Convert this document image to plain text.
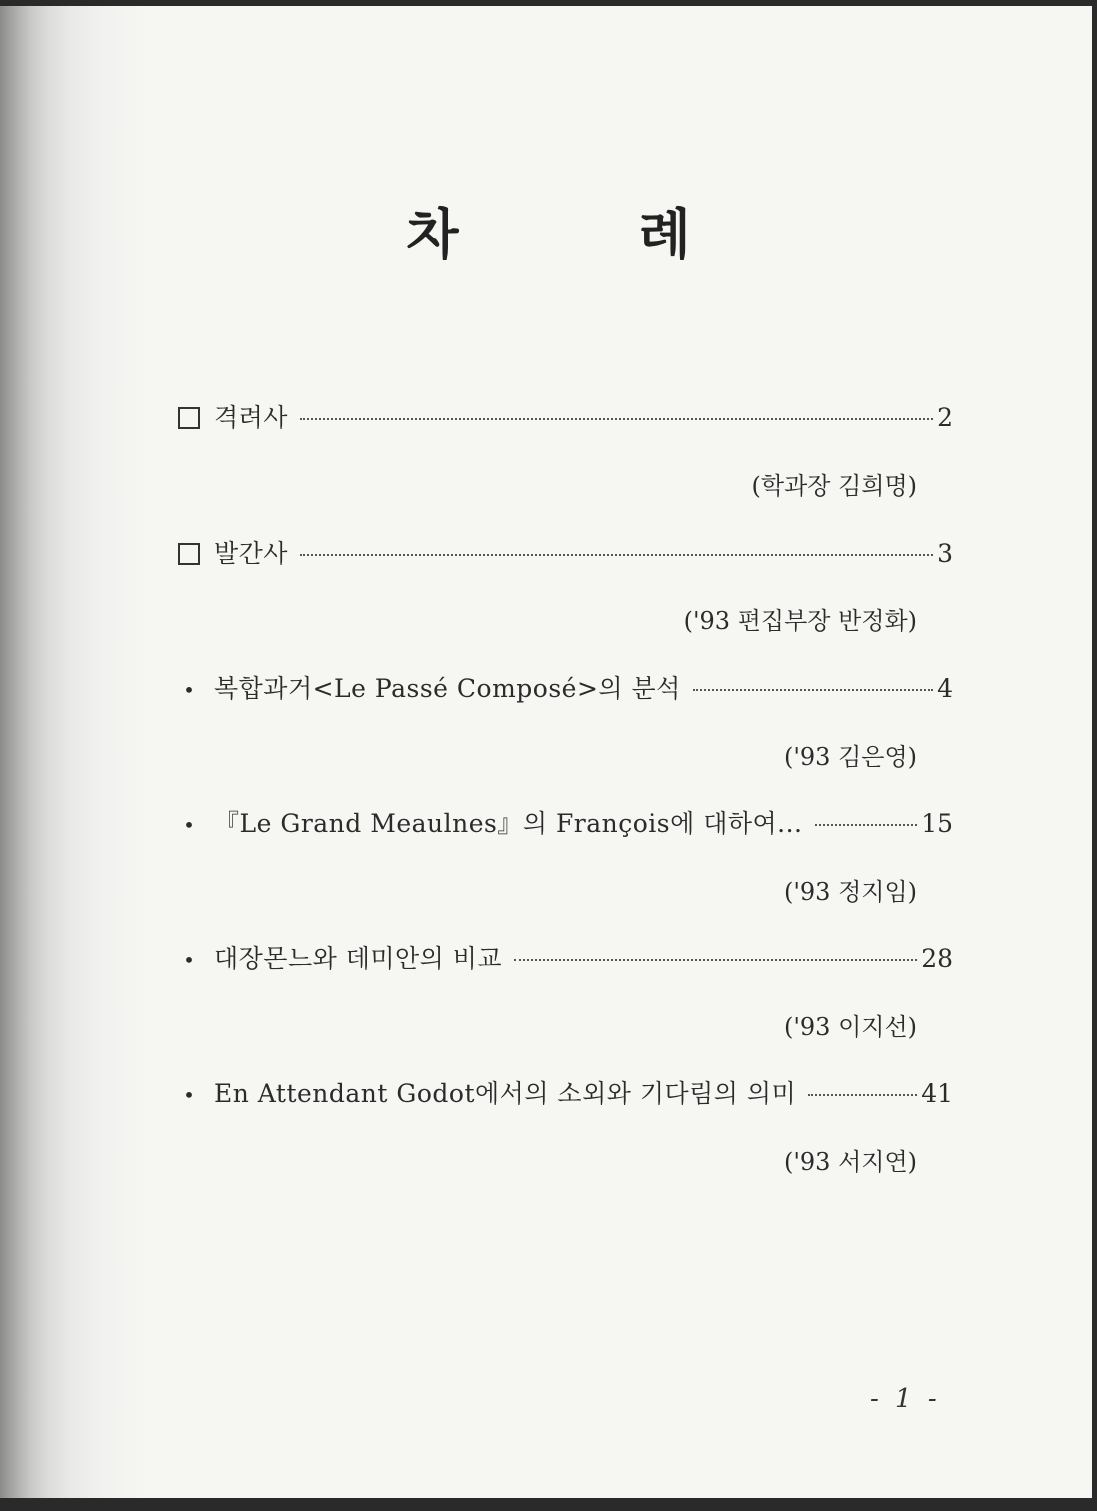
차	례
격려사	2
(학과장 김희명)
발간사	3
('93 편집부장 반정화)
• 복합과거<Le Passé Composé>의 분석	4
('93 김은영)
• 『Le Grand Meaulnes』의 François에 대하여...	15
('93 정지임)
• 대장몬느와 데미안의 비교	28
('93 이지선)
• En Attendant Godot에서의 소외와 기다림의 의미	41
('93 서지연)
- 1 -
